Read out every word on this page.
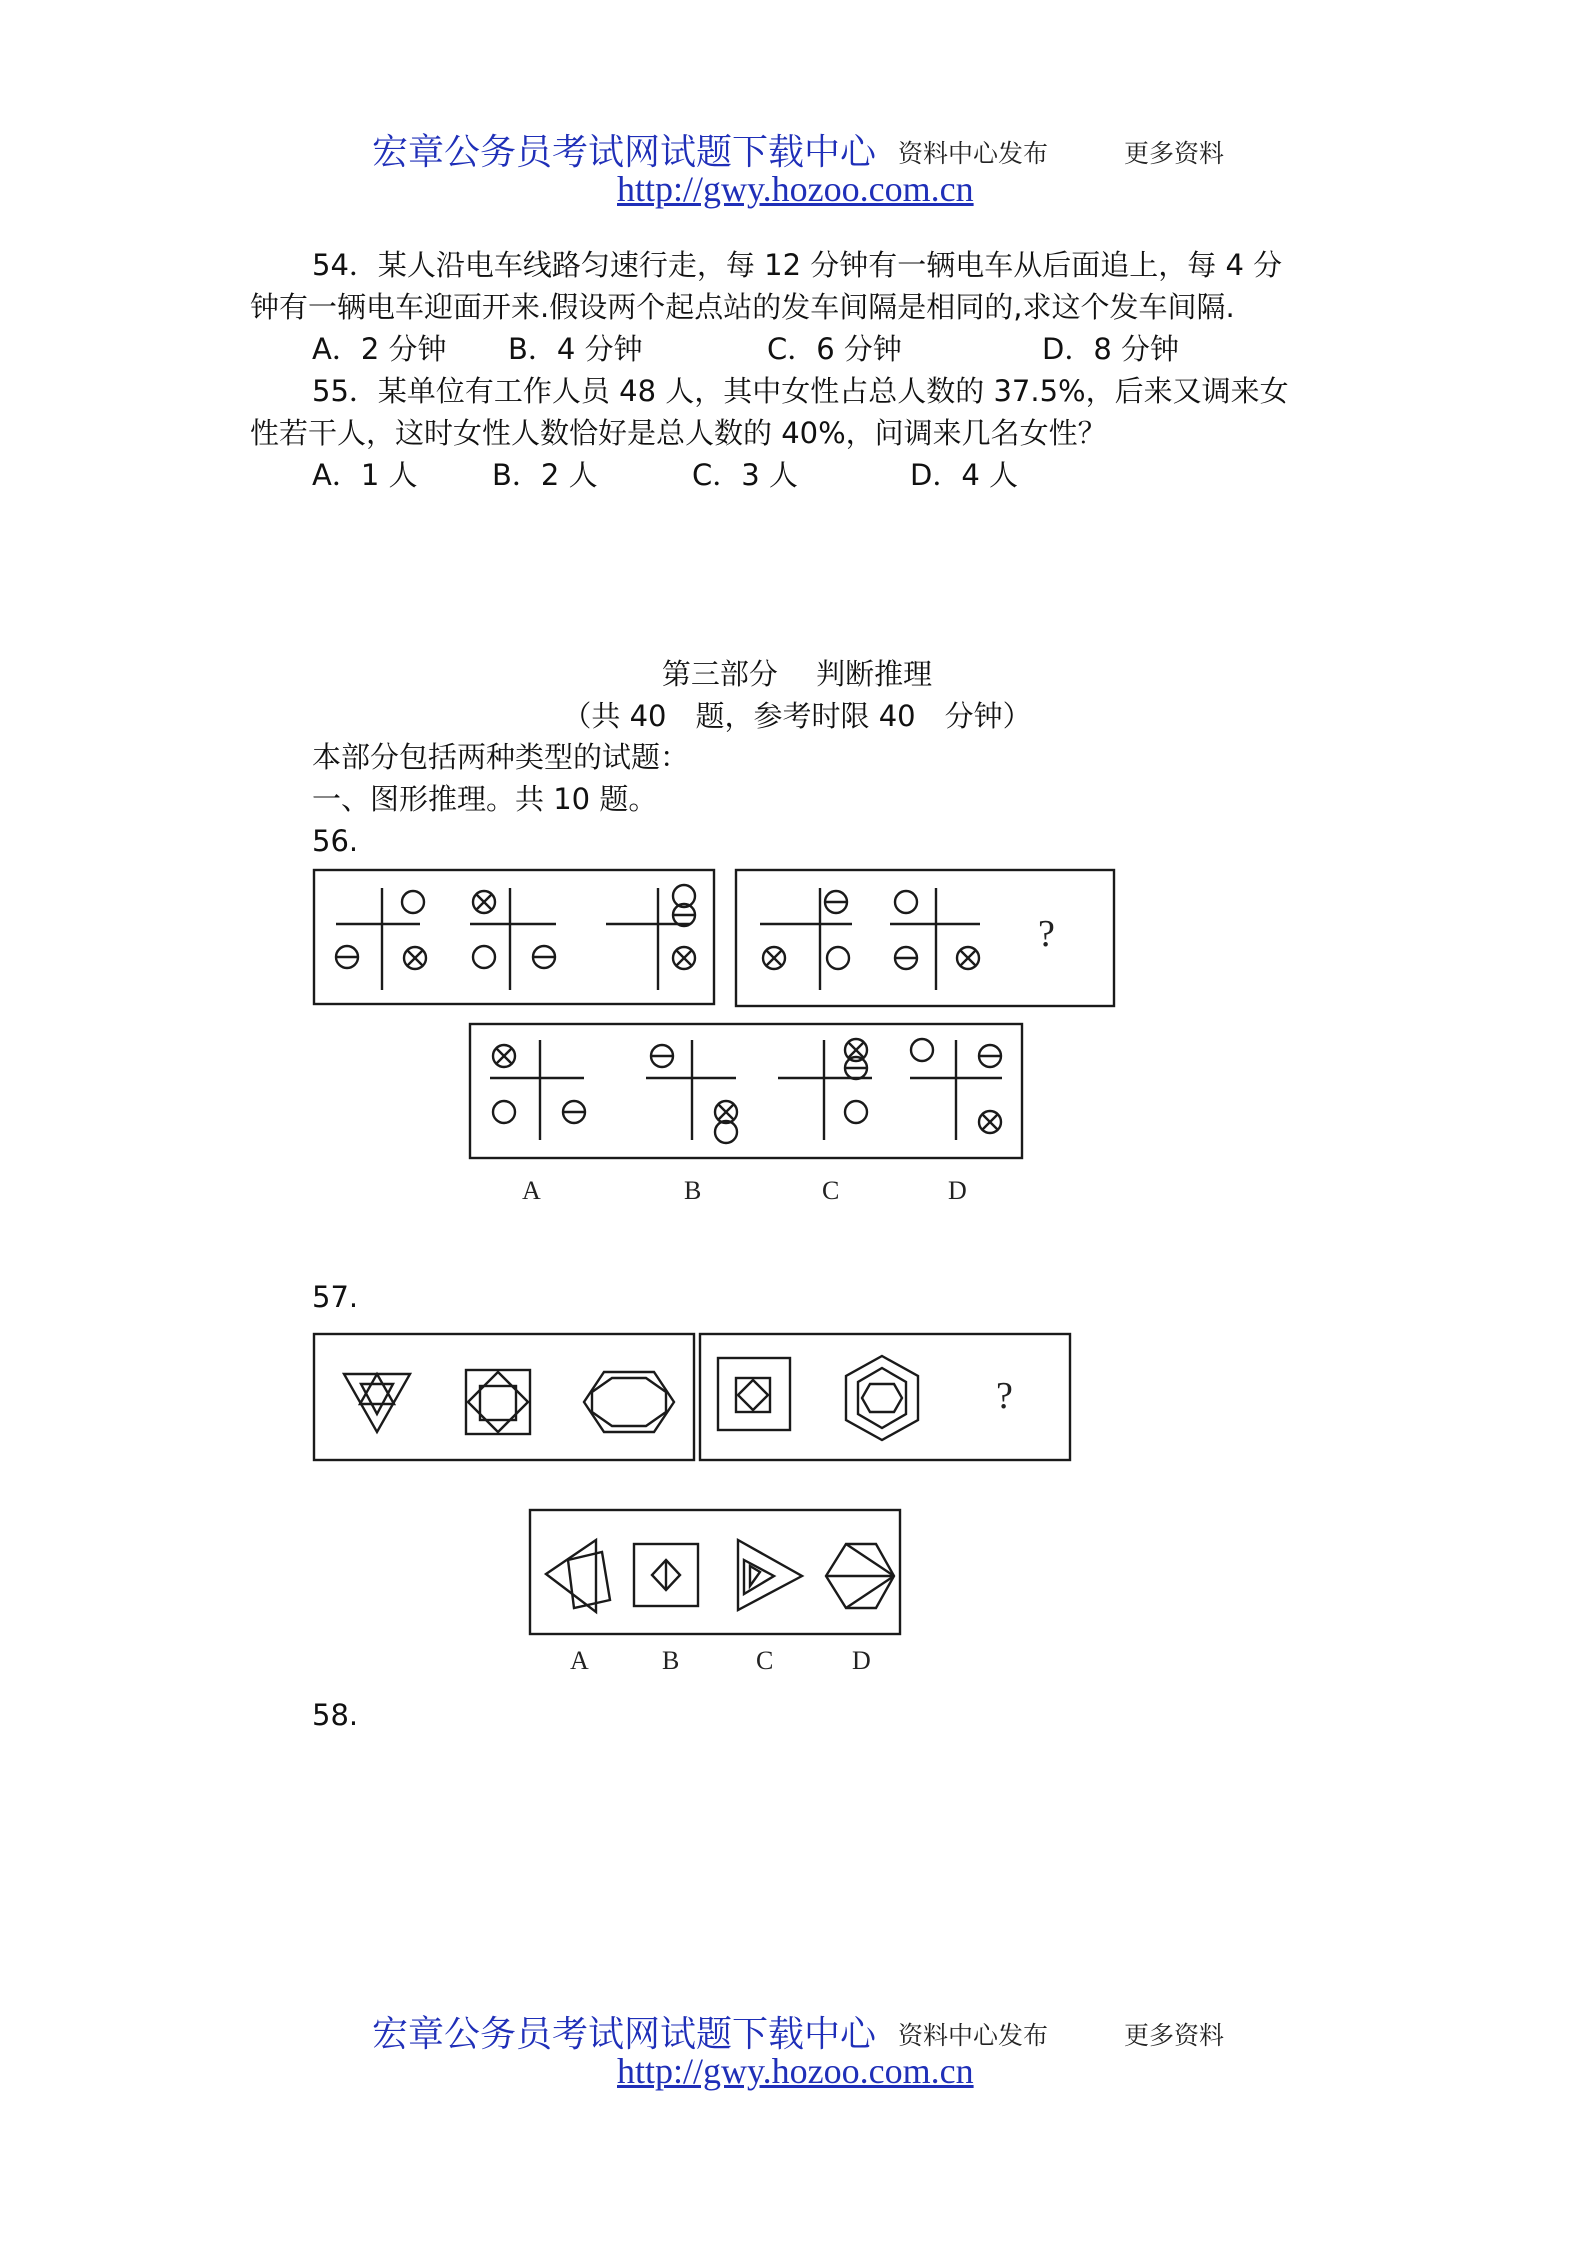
宏章公务员考试网试题下载中心 资料中心发布	更多资料
http://gwy.hozoo.com.cn
54．某人沿电车线路匀速行走，每 12 分钟有一辆电车从后面追上，每 4 分
钟有一辆电车迎面开来.假设两个起点站的发车间隔是相同的,求这个发车间隔.
A．2 分钟 B．4 分钟	C．6 分钟	D．8 分钟
55．某单位有工作人员 48 人，其中女性占总人数的 37.5%，后来又调来女
性若干人，这时女性人数恰好是总人数的 40%，问调来几名女性？
A．1 人	B．2 人	C．3 人	D．4 人
第三部分　 判断推理
（共 40　题，参考时限 40　分钟）
本部分包括两种类型的试题：
一、图形推理。共 10 题。
56.
?
A	B	C	D
57.
?
A	B	C	D
58.
宏章公务员考试网试题下载中心 资料中心发布	更多资料
http://gwy.hozoo.com.cn
